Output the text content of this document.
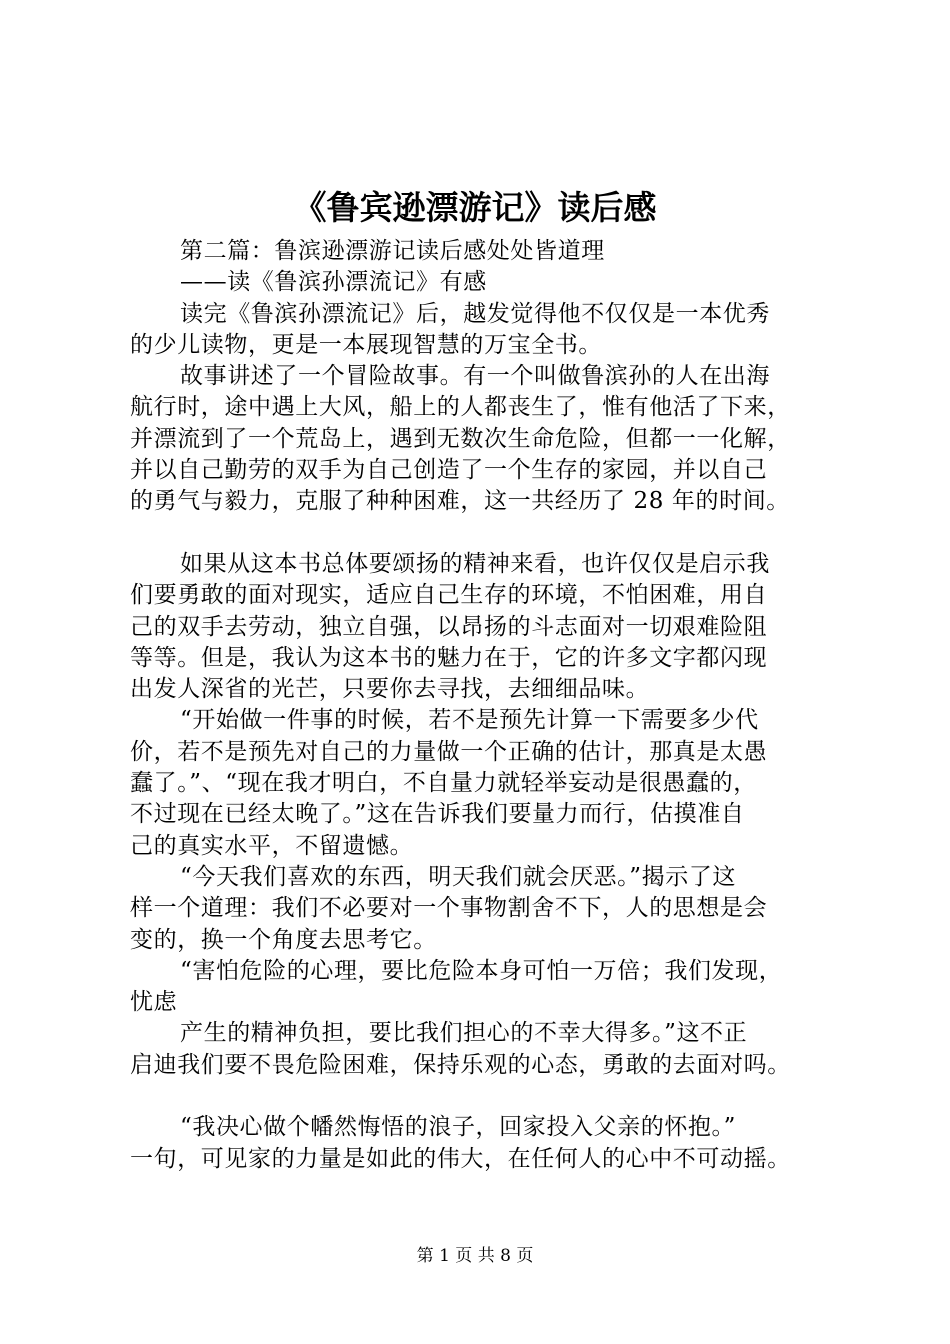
《鲁宾逊漂游记》读后感
第二篇：鲁滨逊漂游记读后感处处皆道理
——读《鲁滨孙漂流记》有感
读完《鲁滨孙漂流记》后，越发觉得他不仅仅是一本优秀
的少儿读物，更是一本展现智慧的万宝全书。
故事讲述了一个冒险故事。有一个叫做鲁滨孙的人在出海
航行时，途中遇上大风，船上的人都丧生了，惟有他活了下来，
并漂流到了一个荒岛上，遇到无数次生命危险，但都一一化解，
并以自己勤劳的双手为自己创造了一个生存的家园，并以自己
的勇气与毅力，克服了种种困难，这一共经历了 28 年的时间。
如果从这本书总体要颂扬的精神来看，也许仅仅是启示我
们要勇敢的面对现实，适应自己生存的环境，不怕困难，用自
己的双手去劳动，独立自强，以昂扬的斗志面对一切艰难险阻
等等。但是，我认为这本书的魅力在于，它的许多文字都闪现
出发人深省的光芒，只要你去寻找，去细细品味。
“开始做一件事的时候，若不是预先计算一下需要多少代
价，若不是预先对自己的力量做一个正确的估计，那真是太愚
蠢了。”、“现在我才明白，不自量力就轻举妄动是很愚蠢的，
不过现在已经太晚了。”这在告诉我们要量力而行，估摸准自
己的真实水平，不留遗憾。
“今天我们喜欢的东西，明天我们就会厌恶。”揭示了这
样一个道理：我们不必要对一个事物割舍不下，人的思想是会
变的，换一个角度去思考它。
“害怕危险的心理，要比危险本身可怕一万倍；我们发现，
忧虑
产生的精神负担，要比我们担心的不幸大得多。”这不正
启迪我们要不畏危险困难，保持乐观的心态，勇敢的去面对吗。
“我决心做个幡然悔悟的浪子，回家投入父亲的怀抱。”
一句，可见家的力量是如此的伟大，在任何人的心中不可动摇。
第 1 页 共 8 页
